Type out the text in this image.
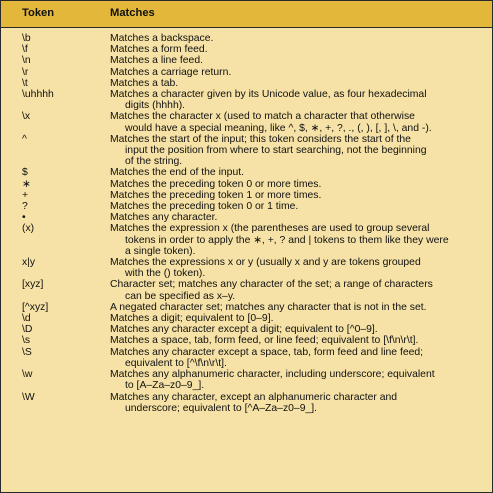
Token	Matches
\b	Matches a backspace.
\f	Matches a form feed.
\n	Matches a line feed.
\r	Matches a carriage return.
\t	Matches a tab.
\uhhhh	Matches a character given by its Unicode value, as four hexadecimal
digits (hhhh).
\x	Matches the character x (used to match a character that otherwise
would have a special meaning, like ^, $, ∗, +, ?, ., (, ), [, ], \, and -).
^	Matches the start of the input; this token considers the start of the
input the position from where to start searching, not the beginning
of the string.
$	Matches the end of the input.
∗	Matches the preceding token 0 or more times.
+	Matches the preceding token 1 or more times.
?	Matches the preceding token 0 or 1 time.
•	Matches any character.
(x)	Matches the expression x (the parentheses are used to group several
tokens in order to apply the ∗, +, ? and | tokens to them like they were
a single token).
x|y	Matches the expressions x or y (usually x and y are tokens grouped
with the () token).
[xyz]	Character set; matches any character of the set; a range of characters
can be specified as x–y.
[^xyz]	A negated character set; matches any character that is not in the set.
\d	Matches a digit; equivalent to [0–9].
\D	Matches any character except a digit; equivalent to [^0–9].
\s	Matches a space, tab, form feed, or line feed; equivalent to [\f\n\r\t].
\S	Matches any character except a space, tab, form feed and line feed;
equivalent to [^\f\n\r\t].
\w	Matches any alphanumeric character, including underscore; equivalent
to [A–Za–z0–9_].
\W	Matches any character, except an alphanumeric character and
underscore; equivalent to [^A–Za–z0–9_].
